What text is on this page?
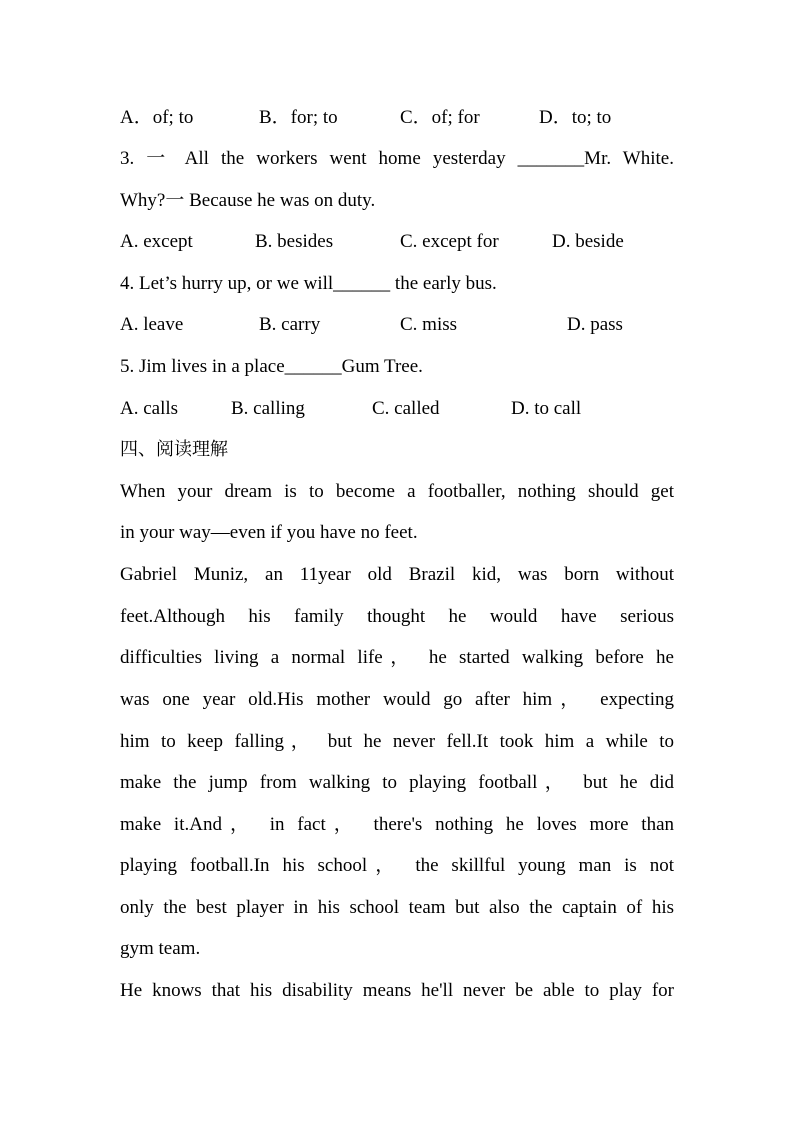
A．of; to	B．for; to	C．of; for	D．to; to
3. 一 All the workers went home yesterday _______Mr. White.
Why?一 Because he was on duty.
A. except	B. besides	C. except for	D. beside
4. Let’s hurry up, or we will______ the early bus.
A. leave	B. carry	C. miss	D. pass
5. Jim lives in a place______Gum Tree.
A. calls	B. calling	C. called	D. to call
四、阅读理解
When your dream is to become a footballer, nothing should get
in your way—even if you have no feet.
Gabriel Muniz, an 11year old Brazil kid, was born without
feet.Although his family thought he would have serious
difficulties living a normal life， he started walking before he
was one year old.His mother would go after him， expecting
him to keep falling， but he never fell.It took him a while to
make the jump from walking to playing football， but he did
make it.And， in fact， there's nothing he loves more than
playing football.In his school， the skillful young man is not
only the best player in his school team but also the captain of his
gym team.
He knows that his disability means he'll never be able to play for
